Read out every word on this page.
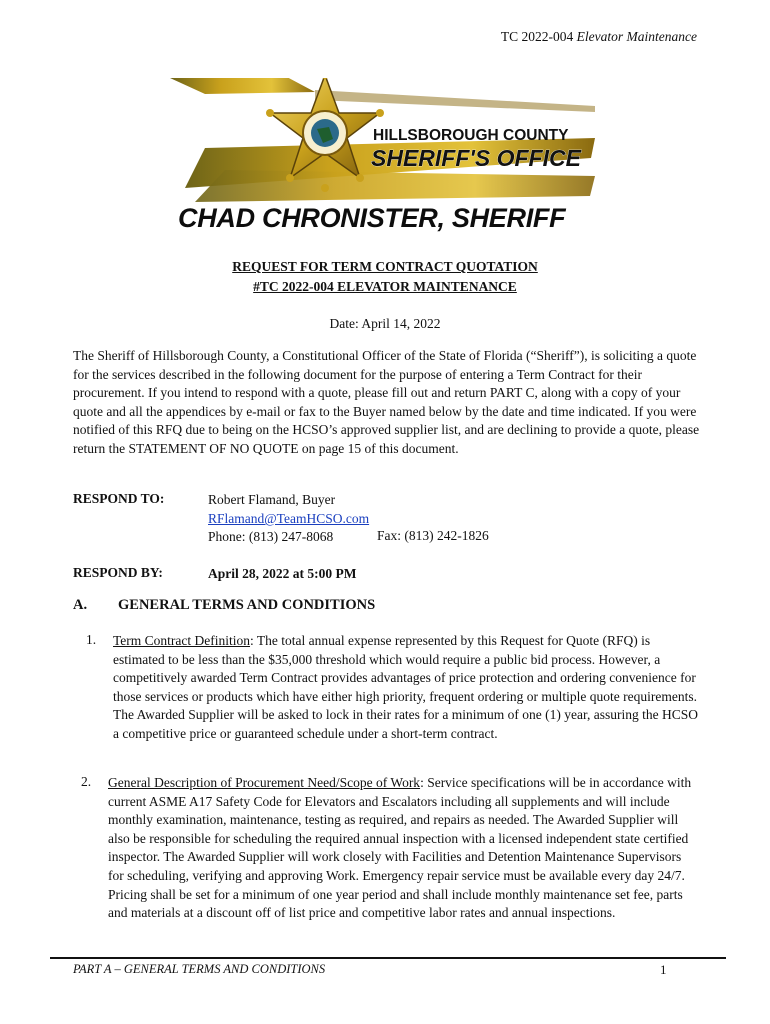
TC 2022-004 Elevator Maintenance
HILLSBOROUGH COUNTY
SHERIFF'S OFFICE
CHAD CHRONISTER, SHERIFF
REQUEST FOR TERM CONTRACT QUOTATION
#TC 2022-004 ELEVATOR MAINTENANCE
Date: April 14, 2022
The Sheriff of Hillsborough County, a Constitutional Officer of the State of Florida (“Sheriff”), is soliciting a quote for the services described in the following document for the purpose of entering a Term Contract for their procurement. If you intend to respond with a quote, please fill out and return PART C, along with a copy of your quote and all the appendices by e-mail or fax to the Buyer named below by the date and time indicated. If you were notified of this RFQ due to being on the HCSO’s approved supplier list, and are declining to provide a quote, please return the STATEMENT OF NO QUOTE on page 15 of this document.
RESPOND TO:	Robert Flamand, Buyer
RFlamand@TeamHCSO.com
Phone: (813) 247-8068	Fax: (813) 242-1826
RESPOND BY:	April 28, 2022 at 5:00 PM
A. GENERAL TERMS AND CONDITIONS
1. Term Contract Definition: The total annual expense represented by this Request for Quote (RFQ) is estimated to be less than the $35,000 threshold which would require a public bid process. However, a competitively awarded Term Contract provides advantages of price protection and ordering convenience for those services or products which have either high priority, frequent ordering or multiple quote requirements. The Awarded Supplier will be asked to lock in their rates for a minimum of one (1) year, assuring the HCSO a competitive price or guaranteed schedule under a short-term contract.
2. General Description of Procurement Need/Scope of Work: Service specifications will be in accordance with current ASME A17 Safety Code for Elevators and Escalators including all supplements and will include monthly examination, maintenance, testing as required, and repairs as needed. The Awarded Supplier will also be responsible for scheduling the required annual inspection with a licensed independent state certified inspector. The Awarded Supplier will work closely with Facilities and Detention Maintenance Supervisors for scheduling, verifying and approving Work. Emergency repair service must be available every day 24/7. Pricing shall be set for a minimum of one year period and shall include monthly maintenance set fee, parts and materials at a discount off of list price and competitive labor rates and annual inspections.
PART A – GENERAL TERMS AND CONDITIONS	1
